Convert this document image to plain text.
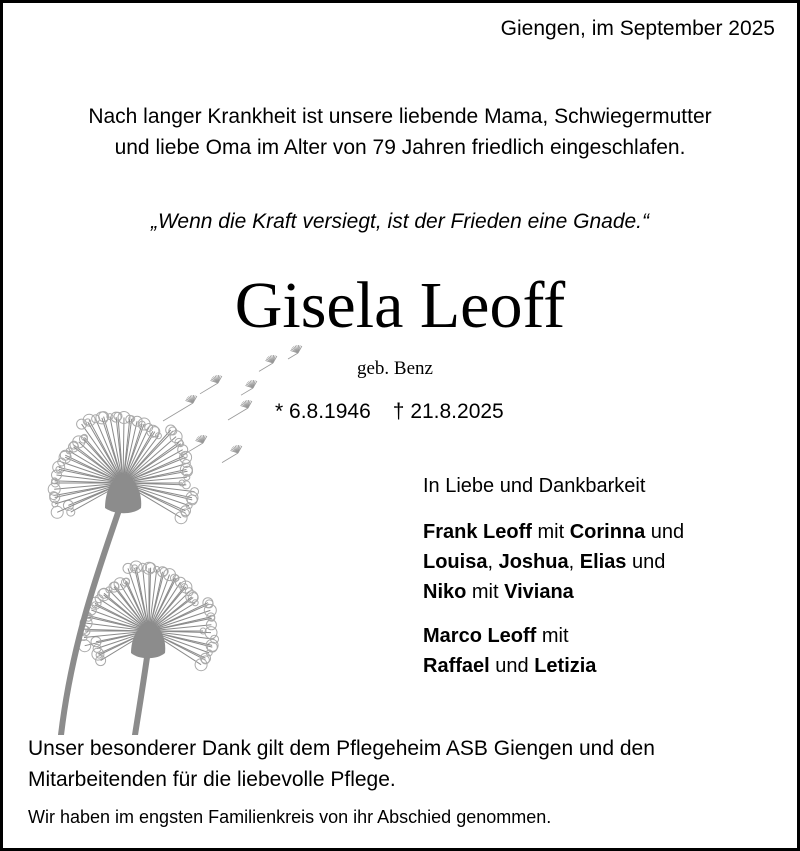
Giengen, im September 2025
Nach langer Krankheit ist unsere liebende Mama, Schwiegermutter
und liebe Oma im Alter von 79 Jahren friedlich eingeschlafen.
„Wenn die Kraft versiegt, ist der Frieden eine Gnade.“
Gisela Leoff
geb. Benz
* 6.8.1946 † 21.8.2025
In Liebe und Dankbarkeit
Frank Leoff mit Corinna und
Louisa, Joshua, Elias und
Niko mit Viviana
Marco Leoff mit
Raffael und Letizia
Unser besonderer Dank gilt dem Pflegeheim ASB Giengen und den
Mitarbeitenden für die liebevolle Pflege.
Wir haben im engsten Familienkreis von ihr Abschied genommen.
